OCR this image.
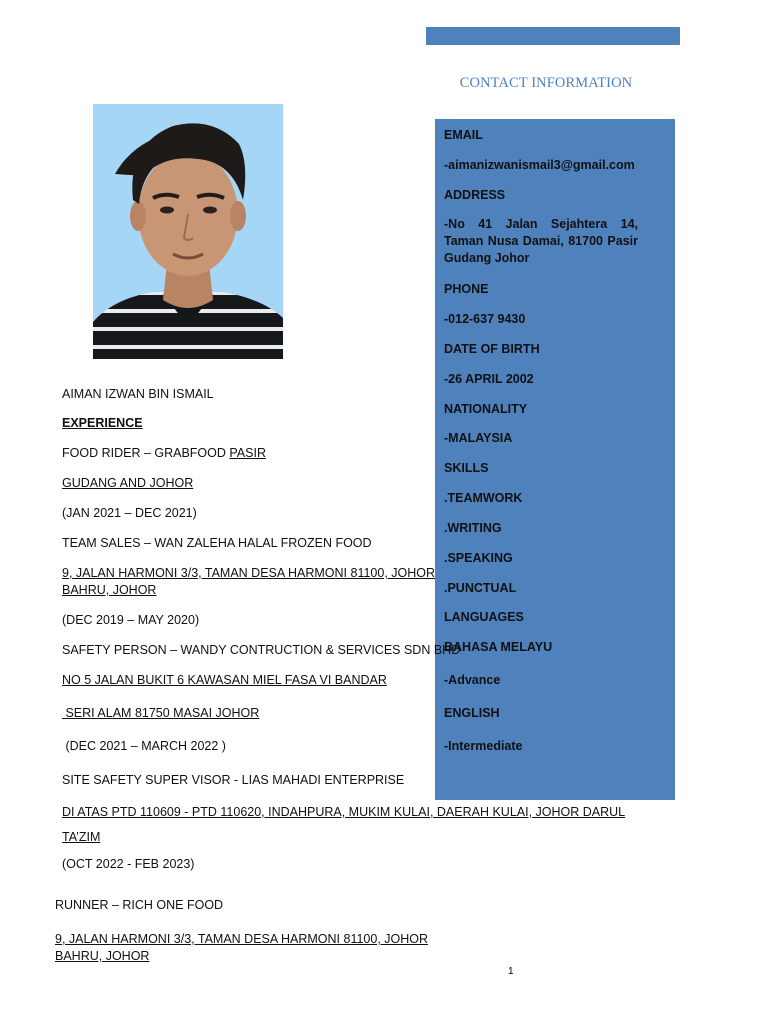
CONTACT INFORMATION
EMAIL
-aimanizwanismail3@gmail.com
ADDRESS
-No 41 Jalan Sejahtera 14, Taman Nusa Damai, 81700 Pasir Gudang Johor
PHONE
-012-637 9430
DATE OF BIRTH
-26 APRIL 2002
NATIONALITY
-MALAYSIA
SKILLS
.TEAMWORK
.WRITING
.SPEAKING
.PUNCTUAL
LANGUAGES
BAHASA MELAYU
-Advance
ENGLISH
-Intermediate
AIMAN IZWAN BIN ISMAIL
EXPERIENCE
FOOD RIDER – GRABFOOD PASIR
GUDANG AND JOHOR
(JAN 2021 – DEC 2021)
TEAM SALES – WAN ZALEHA HALAL FROZEN FOOD
9, JALAN HARMONI 3/3, TAMAN DESA HARMONI 81100, JOHOR
BAHRU, JOHOR
(DEC 2019 – MAY 2020)
SAFETY PERSON – WANDY CONTRUCTION & SERVICES SDN BHD
NO 5 JALAN BUKIT 6 KAWASAN MIEL FASA VI BANDAR
SERI ALAM 81750 MASAI JOHOR
(DEC 2021 – MARCH 2022 )
SITE SAFETY SUPER VISOR - LIAS MAHADI ENTERPRISE
DI ATAS PTD 110609 - PTD 110620, INDAHPURA, MUKIM KULAI, DAERAH KULAI, JOHOR DARUL
TA’ZIM
(OCT 2022 - FEB 2023)
RUNNER – RICH ONE FOOD
9, JALAN HARMONI 3/3, TAMAN DESA HARMONI 81100, JOHOR
BAHRU, JOHOR
1
